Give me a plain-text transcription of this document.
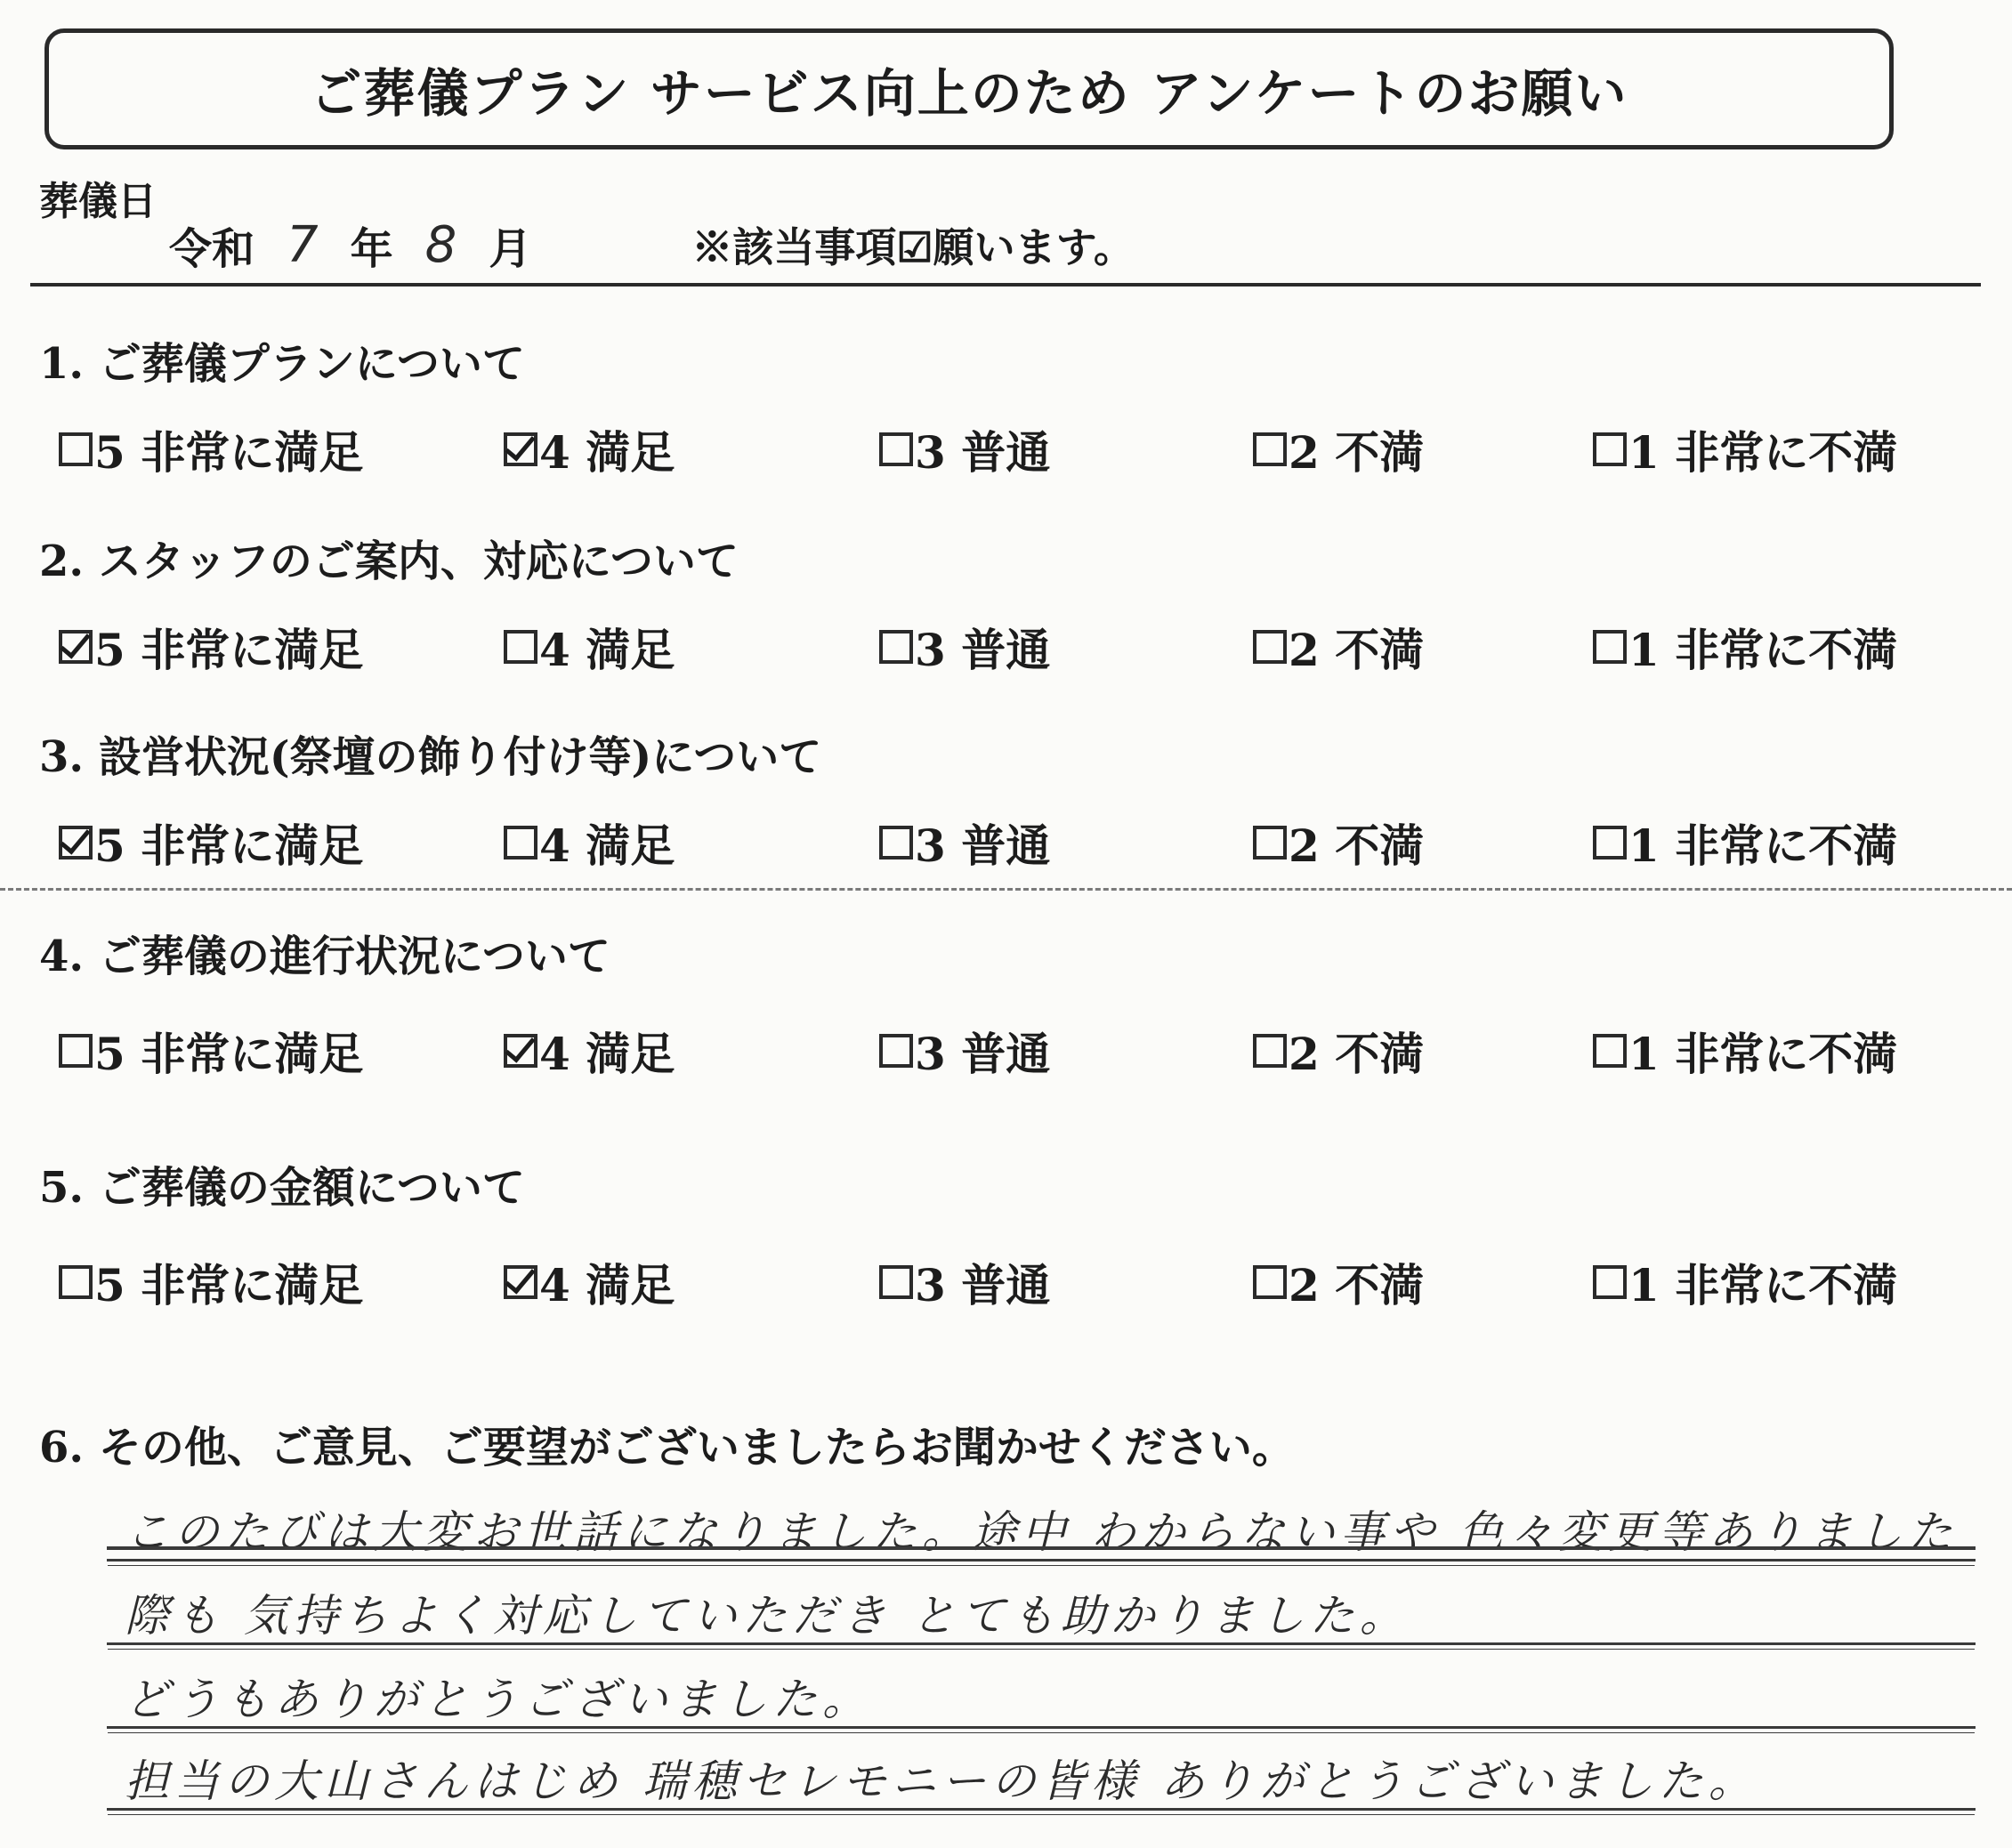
ご葬儀プラン サービス向上のため アンケートのお願い
葬儀日
令和 7 年 8 月	※該当事項☑願います。
1. ご葬儀プランについて
5 非常に満足	4 満足	3 普通	2 不満	1 非常に不満
2. スタッフのご案内、対応について
5 非常に満足	4 満足	3 普通	2 不満	1 非常に不満
3. 設営状況(祭壇の飾り付け等)について
5 非常に満足	4 満足	3 普通	2 不満	1 非常に不満
4. ご葬儀の進行状況について
5 非常に満足	4 満足	3 普通	2 不満	1 非常に不満
5. ご葬儀の金額について
5 非常に満足	4 満足	3 普通	2 不満	1 非常に不満
6. その他、ご意見、ご要望がございましたらお聞かせください。
このたびは大変お世話になりました。途中 わからない事や 色々変更等ありました
際も 気持ちよく対応していただき とても助かりました。
どうもありがとうございました。
担当の大山さんはじめ 瑞穂セレモニーの皆様 ありがとうございました。
